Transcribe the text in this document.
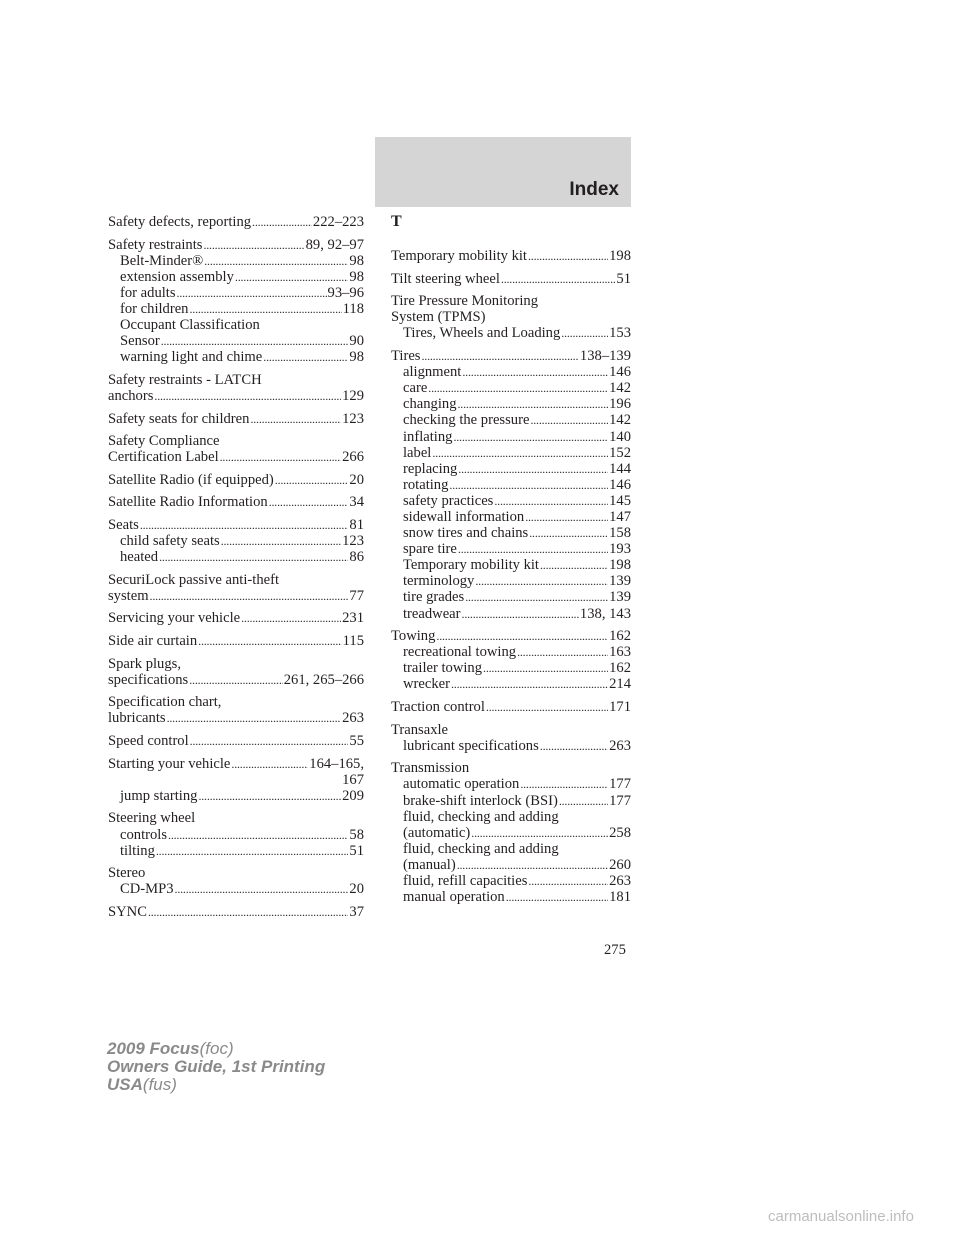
Index
Safety defects, reporting . . .	222–223
Safety restraints . . .	89, 92–97
Belt-Minder® . . .	98
extension assembly . . .	98
for adults . . .	93–96
for children . . .	118
Occupant Classification
Sensor . . .	90
warning light and chime . . .	98
Safety restraints - LATCH
anchors . . .	129
Safety seats for children . . .	123
Safety Compliance
Certification Label . . .	266
Satellite Radio (if equipped) . . .	20
Satellite Radio Information . . .	34
Seats . . .	81
child safety seats . . .	123
heated . . .	86
SecuriLock passive anti-theft
system . . .	77
Servicing your vehicle . . .	231
Side air curtain . . .	115
Spark plugs,
specifications . . .	261, 265–266
Specification chart,
lubricants . . .	263
Speed control . . .	55
Starting your vehicle . . .	164–165,
167
jump starting . . .	209
Steering wheel
controls . . .	58
tilting . . .	51
Stereo
CD-MP3 . . .	20
SYNC . . .	37
T
Temporary mobility kit . . .	198
Tilt steering wheel . . .	51
Tire Pressure Monitoring
System (TPMS)
Tires, Wheels and Loading . . .	153
Tires . . .	138–139
alignment . . .	146
care . . .	142
changing . . .	196
checking the pressure . . .	142
inflating . . .	140
label . . .	152
replacing . . .	144
rotating . . .	146
safety practices . . .	145
sidewall information . . .	147
snow tires and chains . . .	158
spare tire . . .	193
Temporary mobility kit . . .	198
terminology . . .	139
tire grades . . .	139
treadwear . . .	138, 143
Towing . . .	162
recreational towing . . .	163
trailer towing . . .	162
wrecker . . .	214
Traction control . . .	171
Transaxle
lubricant specifications . . .	263
Transmission
automatic operation . . .	177
brake-shift interlock (BSI) . . .	177
fluid, checking and adding
(automatic) . . .	258
fluid, checking and adding
(manual) . . .	260
fluid, refill capacities . . .	263
manual operation . . .	181
275
2009 Focus(foc)
Owners Guide, 1st Printing
USA(fus)
carmanualsonline.info
